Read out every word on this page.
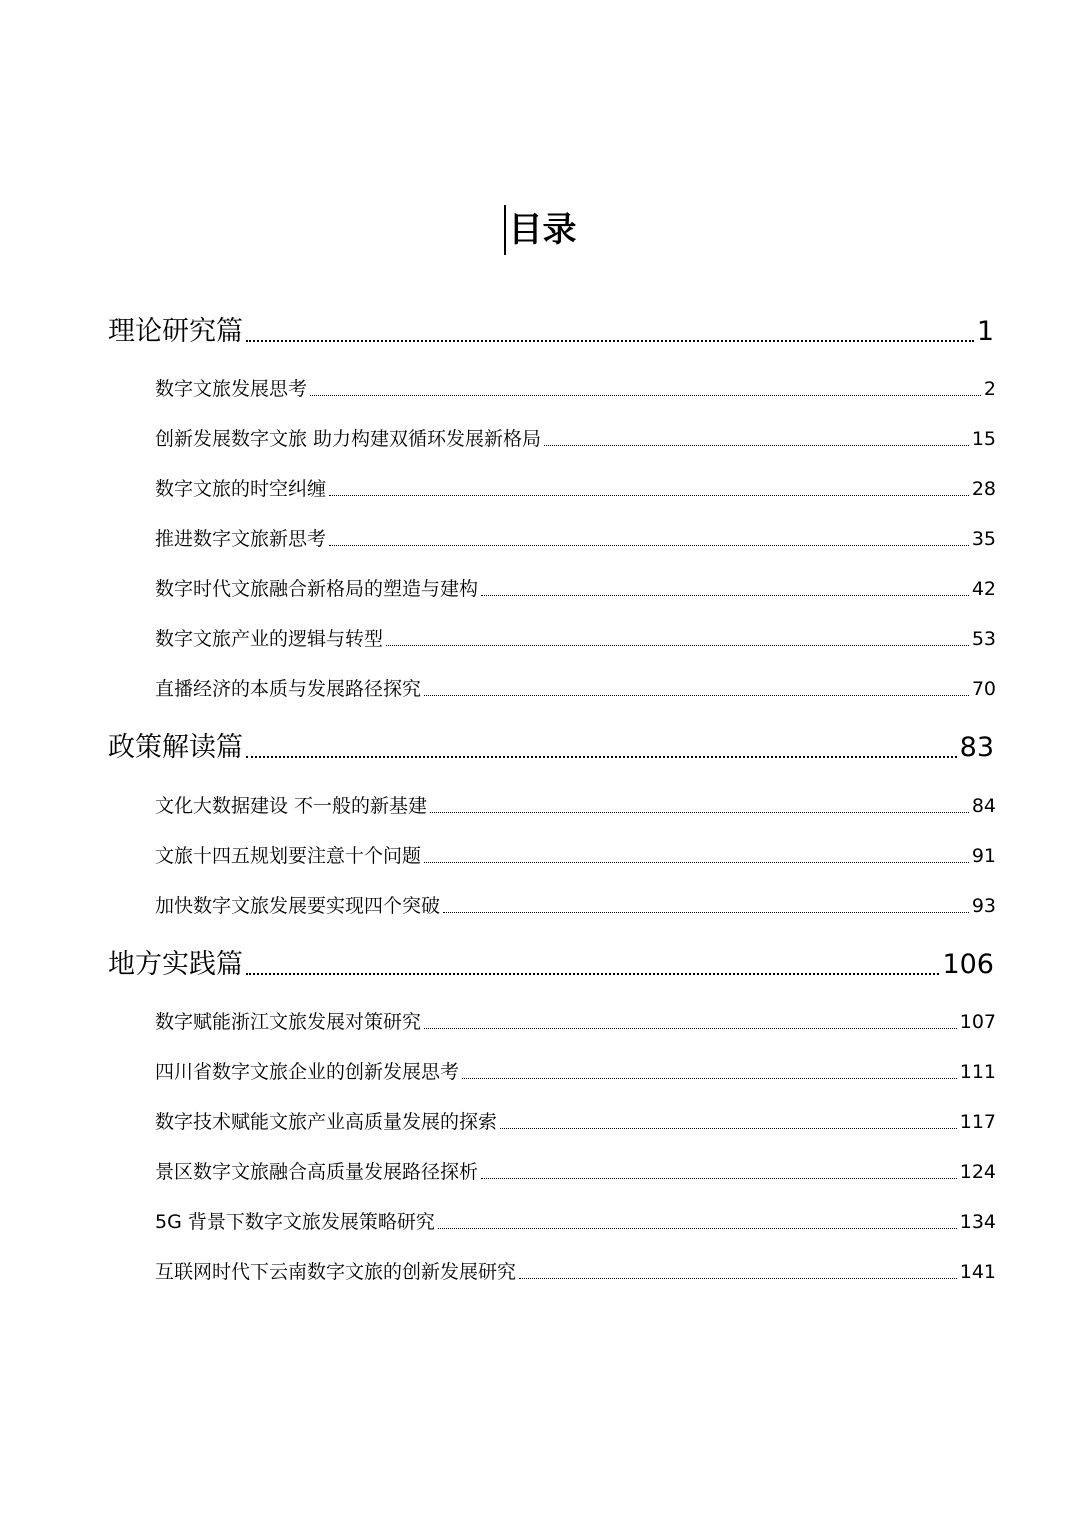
目录
理论研究篇	1
数字文旅发展思考	2
创新发展数字文旅 助力构建双循环发展新格局	15
数字文旅的时空纠缠	28
推进数字文旅新思考	35
数字时代文旅融合新格局的塑造与建构	42
数字文旅产业的逻辑与转型	53
直播经济的本质与发展路径探究	70
政策解读篇	83
文化大数据建设 不一般的新基建	84
文旅十四五规划要注意十个问题	91
加快数字文旅发展要实现四个突破	93
地方实践篇	106
数字赋能浙江文旅发展对策研究	107
四川省数字文旅企业的创新发展思考	111
数字技术赋能文旅产业高质量发展的探索	117
景区数字文旅融合高质量发展路径探析	124
5G 背景下数字文旅发展策略研究	134
互联网时代下云南数字文旅的创新发展研究	141
